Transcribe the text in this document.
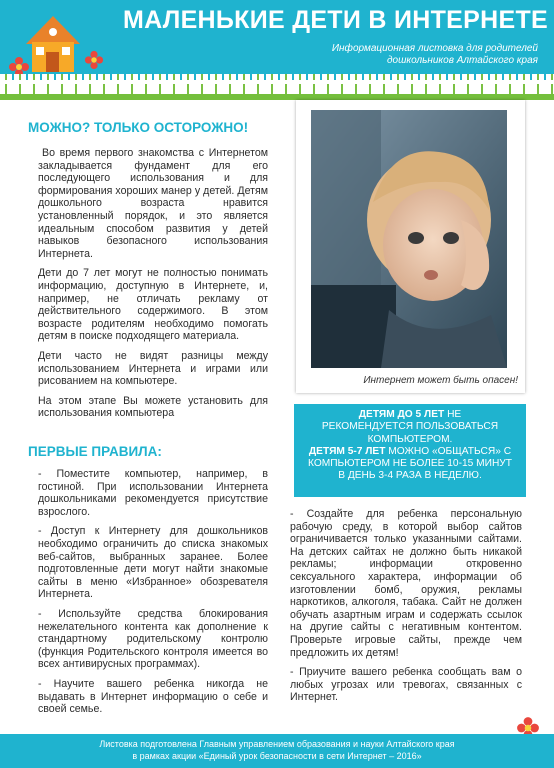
МАЛЕНЬКИЕ ДЕТИ В ИНТЕРНЕТЕ
Информационная листовка для родителей
дошкольников Алтайского края
МОЖНО? ТОЛЬКО ОСТОРОЖНО!

Во время первого знакомства с Интернетом закладывается фундамент для его последующего использования и для формирования хороших манер у детей. Детям дошкольного возраста нравится установленный порядок, и это является идеальным способом развития у детей навыков безопасного использования Интернета.

Дети до 7 лет могут не полностью понимать информацию, доступную в Интернете, и, например, не отличать рекламу от действительного содержимого. В этом возрасте родителям необходимо помогать детям в поиске подходящего материала.

Дети часто не видят разницы между использованием Интернета и играми или рисованием на компьютере.

На этом этапе Вы можете установить для использования компьютера

ПЕРВЫЕ ПРАВИЛА:

- Поместите компьютер, например, в гостиной. При использовании Интернета дошкольниками рекомендуется присутствие взрослого.

- Доступ к Интернету для дошкольников необходимо ограничить до списка знакомых веб-сайтов, выбранных заранее. Более подготовленные дети могут найти знакомые сайты в меню «Избранное» обозревателя Интернета.

- Используйте средства блокирования нежелательного контента как дополнение к стандартному родительскому контролю (функция Родительского контроля имеется во всех антивирусных программах).

- Научите вашего ребенка никогда не выдавать в Интернет информацию о себе и своей семье.

Интернет может быть опасен!
ДЕТЯМ ДО 5 ЛЕТ НЕ РЕКОМЕНДУЕТСЯ ПОЛЬЗОВАТЬСЯ КОМПЬЮТЕРОМ.
ДЕТЯМ 5-7 ЛЕТ МОЖНО «ОБЩАТЬСЯ» С КОМПЬЮТЕРОМ НЕ БОЛЕЕ 10-15 МИНУТ В ДЕНЬ 3-4 РАЗА В НЕДЕЛЮ.

- Создайте для ребенка персональную рабочую среду, в которой выбор сайтов ограничивается только указанными сайтами. На детских сайтах не должно быть никакой рекламы; информации откровенно сексуального характера, информации об изготовлении бомб, оружия, рекламы наркотиков, алкоголя, табака. Сайт не должен обучать азартным играм и содержать ссылок на другие сайты с негативным контентом. Проверьте игровые сайты, прежде чем предложить их детям!

- Приучите вашего ребенка сообщать вам о любых угрозах или тревогах, связанных с Интернет.

Листовка подготовлена Главным управлением образования и науки Алтайского края
в рамках акции «Единый урок безопасности в сети Интернет – 2016»
